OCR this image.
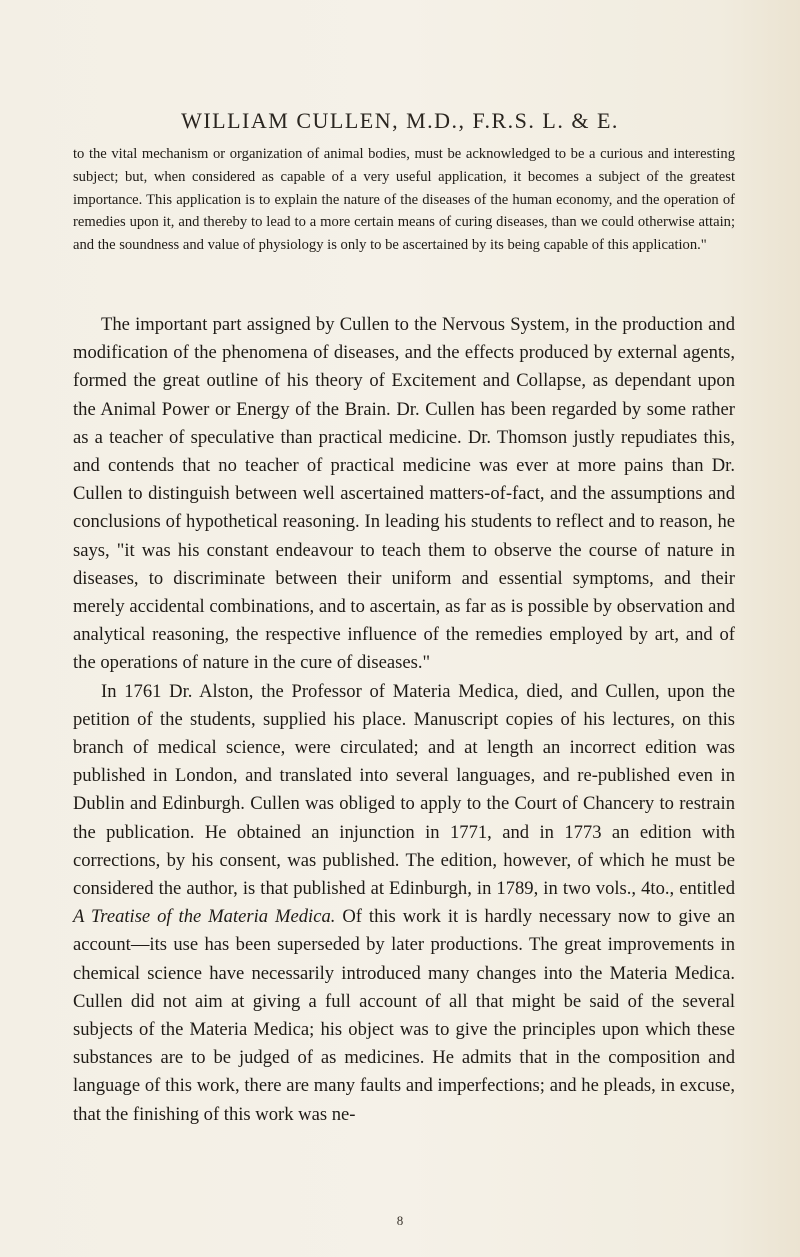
WILLIAM CULLEN, M.D., F.R.S. L. & E.
to the vital mechanism or organization of animal bodies, must be acknowledged to be a curious and interesting subject; but, when considered as capable of a very useful application, it becomes a subject of the greatest importance. This application is to explain the nature of the diseases of the human economy, and the operation of remedies upon it, and thereby to lead to a more certain means of curing diseases, than we could otherwise attain; and the soundness and value of physiology is only to be ascertained by its being capable of this application."

The important part assigned by Cullen to the Nervous System, in the production and modification of the phenomena of diseases, and the effects produced by external agents, formed the great outline of his theory of Excitement and Collapse, as dependant upon the Animal Power or Energy of the Brain. Dr. Cullen has been regarded by some rather as a teacher of speculative than practical medicine. Dr. Thomson justly repudiates this, and contends that no teacher of practical medicine was ever at more pains than Dr. Cullen to distinguish between well ascertained matters-of-fact, and the assumptions and conclusions of hypothetical reasoning. In leading his students to reflect and to reason, he says, "it was his constant endeavour to teach them to observe the course of nature in diseases, to discriminate between their uniform and essential symptoms, and their merely accidental combinations, and to ascertain, as far as is possible by observation and analytical reasoning, the respective influence of the remedies employed by art, and of the operations of nature in the cure of diseases."

In 1761 Dr. Alston, the Professor of Materia Medica, died, and Cullen, upon the petition of the students, supplied his place. Manuscript copies of his lectures, on this branch of medical science, were circulated; and at length an incorrect edition was published in London, and translated into several languages, and re-published even in Dublin and Edinburgh. Cullen was obliged to apply to the Court of Chancery to restrain the publication. He obtained an injunction in 1771, and in 1773 an edition with corrections, by his consent, was published. The edition, however, of which he must be considered the author, is that published at Edinburgh, in 1789, in two vols., 4to., entitled A Treatise of the Materia Medica. Of this work it is hardly necessary now to give an account—its use has been superseded by later productions. The great improvements in chemical science have necessarily introduced many changes into the Materia Medica. Cullen did not aim at giving a full account of all that might be said of the several subjects of the Materia Medica; his object was to give the principles upon which these substances are to be judged of as medicines. He admits that in the composition and language of this work, there are many faults and imperfections; and he pleads, in excuse, that the finishing of this work was ne-

8
